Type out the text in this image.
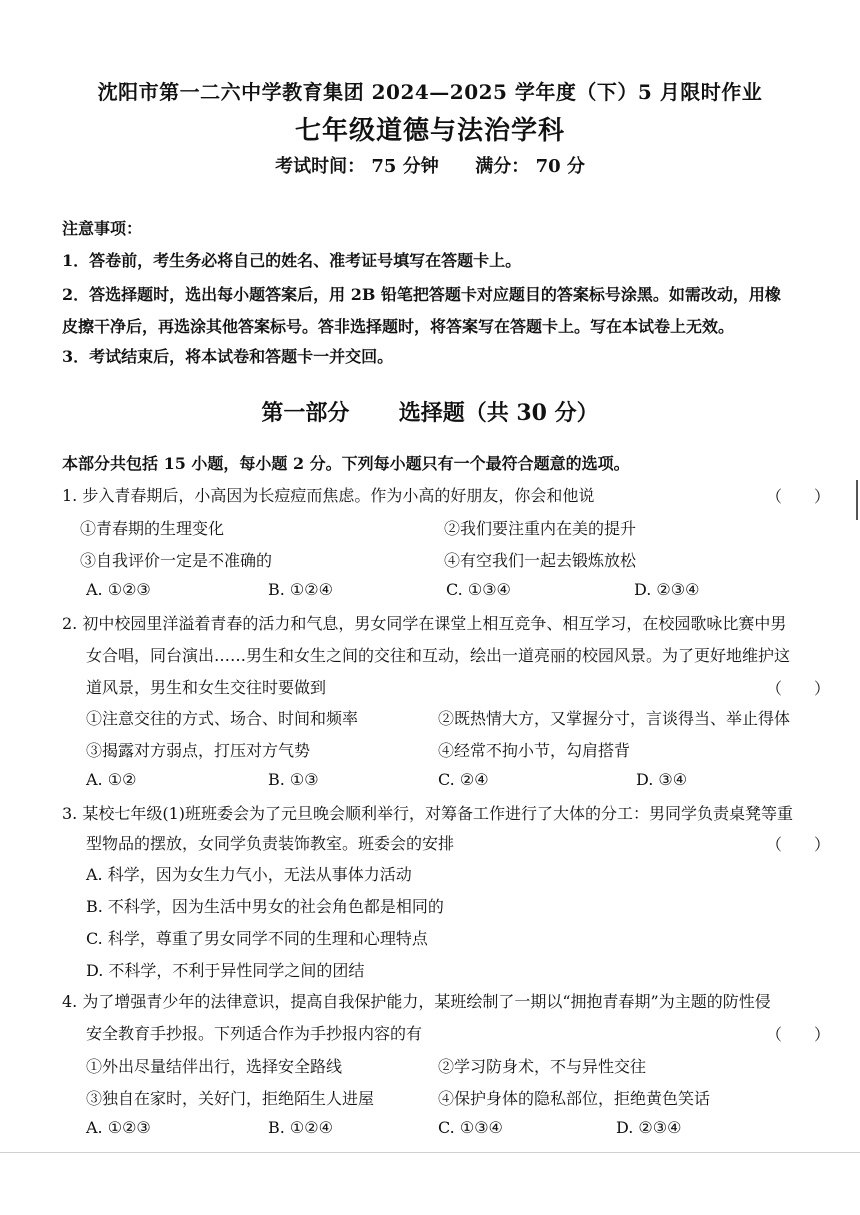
沈阳市第一二六中学教育集团 2024—2025 学年度（下）5 月限时作业
七年级道德与法治学科
考试时间： 75 分钟 满分： 70 分
注意事项：
1．答卷前，考生务必将自己的姓名、准考证号填写在答题卡上。
2．答选择题时，选出每小题答案后，用 2B 铅笔把答题卡对应题目的答案标号涂黑。如需改动，用橡
皮擦干净后，再选涂其他答案标号。答非选择题时，将答案写在答题卡上。写在本试卷上无效。
3．考试结束后，将本试卷和答题卡一并交回。
第一部分 选择题（共 30 分）
本部分共包括 15 小题，每小题 2 分。下列每小题只有一个最符合题意的选项。
1. 步入青春期后，小高因为长痘痘而焦虑。作为小高的好朋友，你会和他说	（　　）
①青春期的生理变化	②我们要注重内在美的提升
③自我评价一定是不准确的	④有空我们一起去锻炼放松
A. ①②③	B. ①②④	C. ①③④	D. ②③④
2. 初中校园里洋溢着青春的活力和气息，男女同学在课堂上相互竞争、相互学习，在校园歌咏比赛中男
女合唱，同台演出……男生和女生之间的交往和互动，绘出一道亮丽的校园风景。为了更好地维护这
道风景，男生和女生交往时要做到	（　　）
①注意交往的方式、场合、时间和频率	②既热情大方，又掌握分寸，言谈得当、举止得体
③揭露对方弱点，打压对方气势	④经常不拘小节，勾肩搭背
A. ①②	B. ①③	C. ②④	D. ③④
3. 某校七年级(1)班班委会为了元旦晚会顺利举行，对筹备工作进行了大体的分工：男同学负责桌凳等重
型物品的摆放，女同学负责装饰教室。班委会的安排	（　　）
A. 科学，因为女生力气小，无法从事体力活动
B. 不科学，因为生活中男女的社会角色都是相同的
C. 科学，尊重了男女同学不同的生理和心理特点
D. 不科学，不利于异性同学之间的团结
4. 为了增强青少年的法律意识，提高自我保护能力，某班绘制了一期以“拥抱青春期”为主题的防性侵
安全教育手抄报。下列适合作为手抄报内容的有	（　　）
①外出尽量结伴出行，选择安全路线	②学习防身术，不与异性交往
③独自在家时，关好门，拒绝陌生人进屋	④保护身体的隐私部位，拒绝黄色笑话
A. ①②③	B. ①②④	C. ①③④	D. ②③④
